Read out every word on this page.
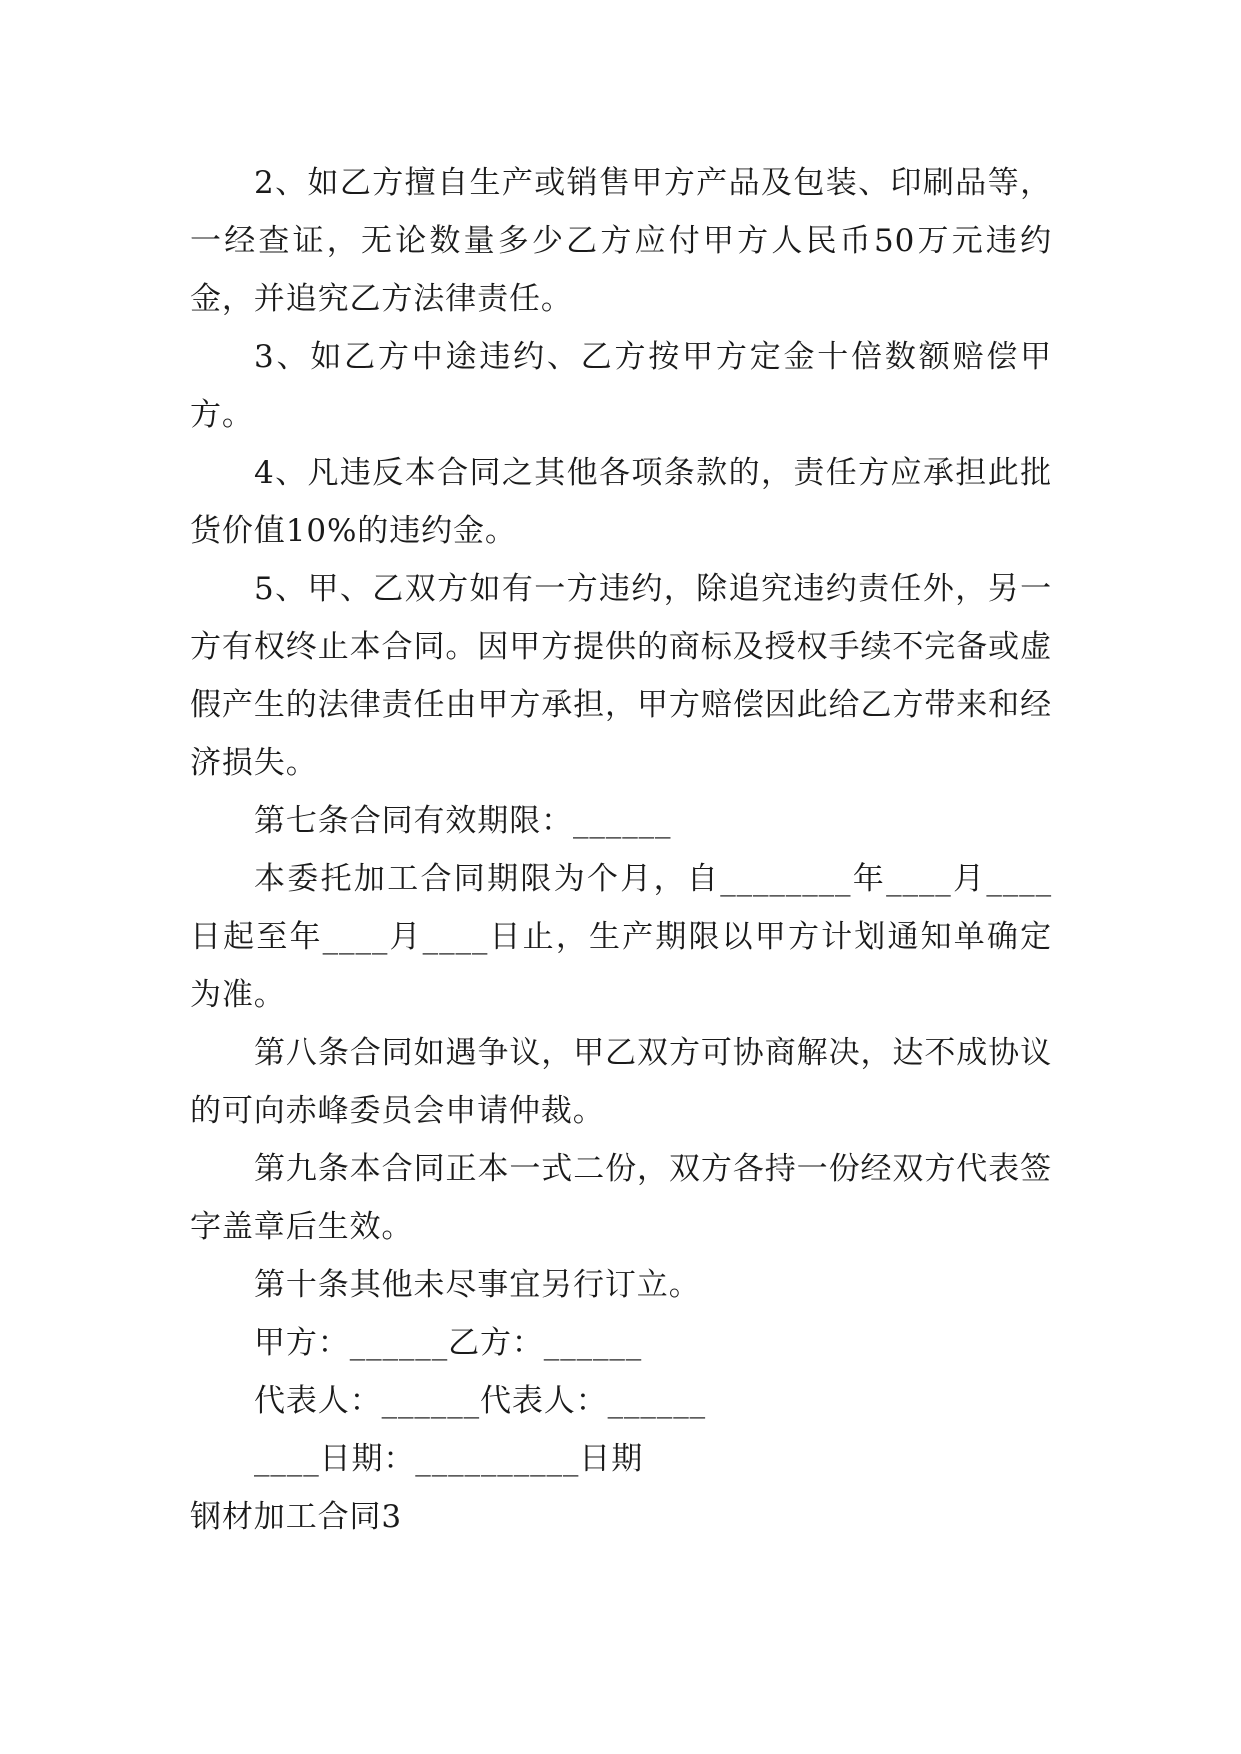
2、如乙方擅自生产或销售甲方产品及包装、印刷品等，一经查证，无论数量多少乙方应付甲方人民币50万元违约金，并追究乙方法律责任。

3、如乙方中途违约、乙方按甲方定金十倍数额赔偿甲方。

4、凡违反本合同之其他各项条款的，责任方应承担此批货价值10%的违约金。

5、甲、乙双方如有一方违约，除追究违约责任外，另一方有权终止本合同。因甲方提供的商标及授权手续不完备或虚假产生的法律责任由甲方承担，甲方赔偿因此给乙方带来和经济损失。

第七条合同有效期限：______

本委托加工合同期限为个月，自________年____月____日起至年____月____日止，生产期限以甲方计划通知单确定为准。

第八条合同如遇争议，甲乙双方可协商解决，达不成协议的可向赤峰委员会申请仲裁。

第九条本合同正本一式二份，双方各持一份经双方代表签字盖章后生效。

第十条其他未尽事宜另行订立。

甲方：______乙方：______

代表人：______代表人：______

____日期：__________日期

钢材加工合同3
